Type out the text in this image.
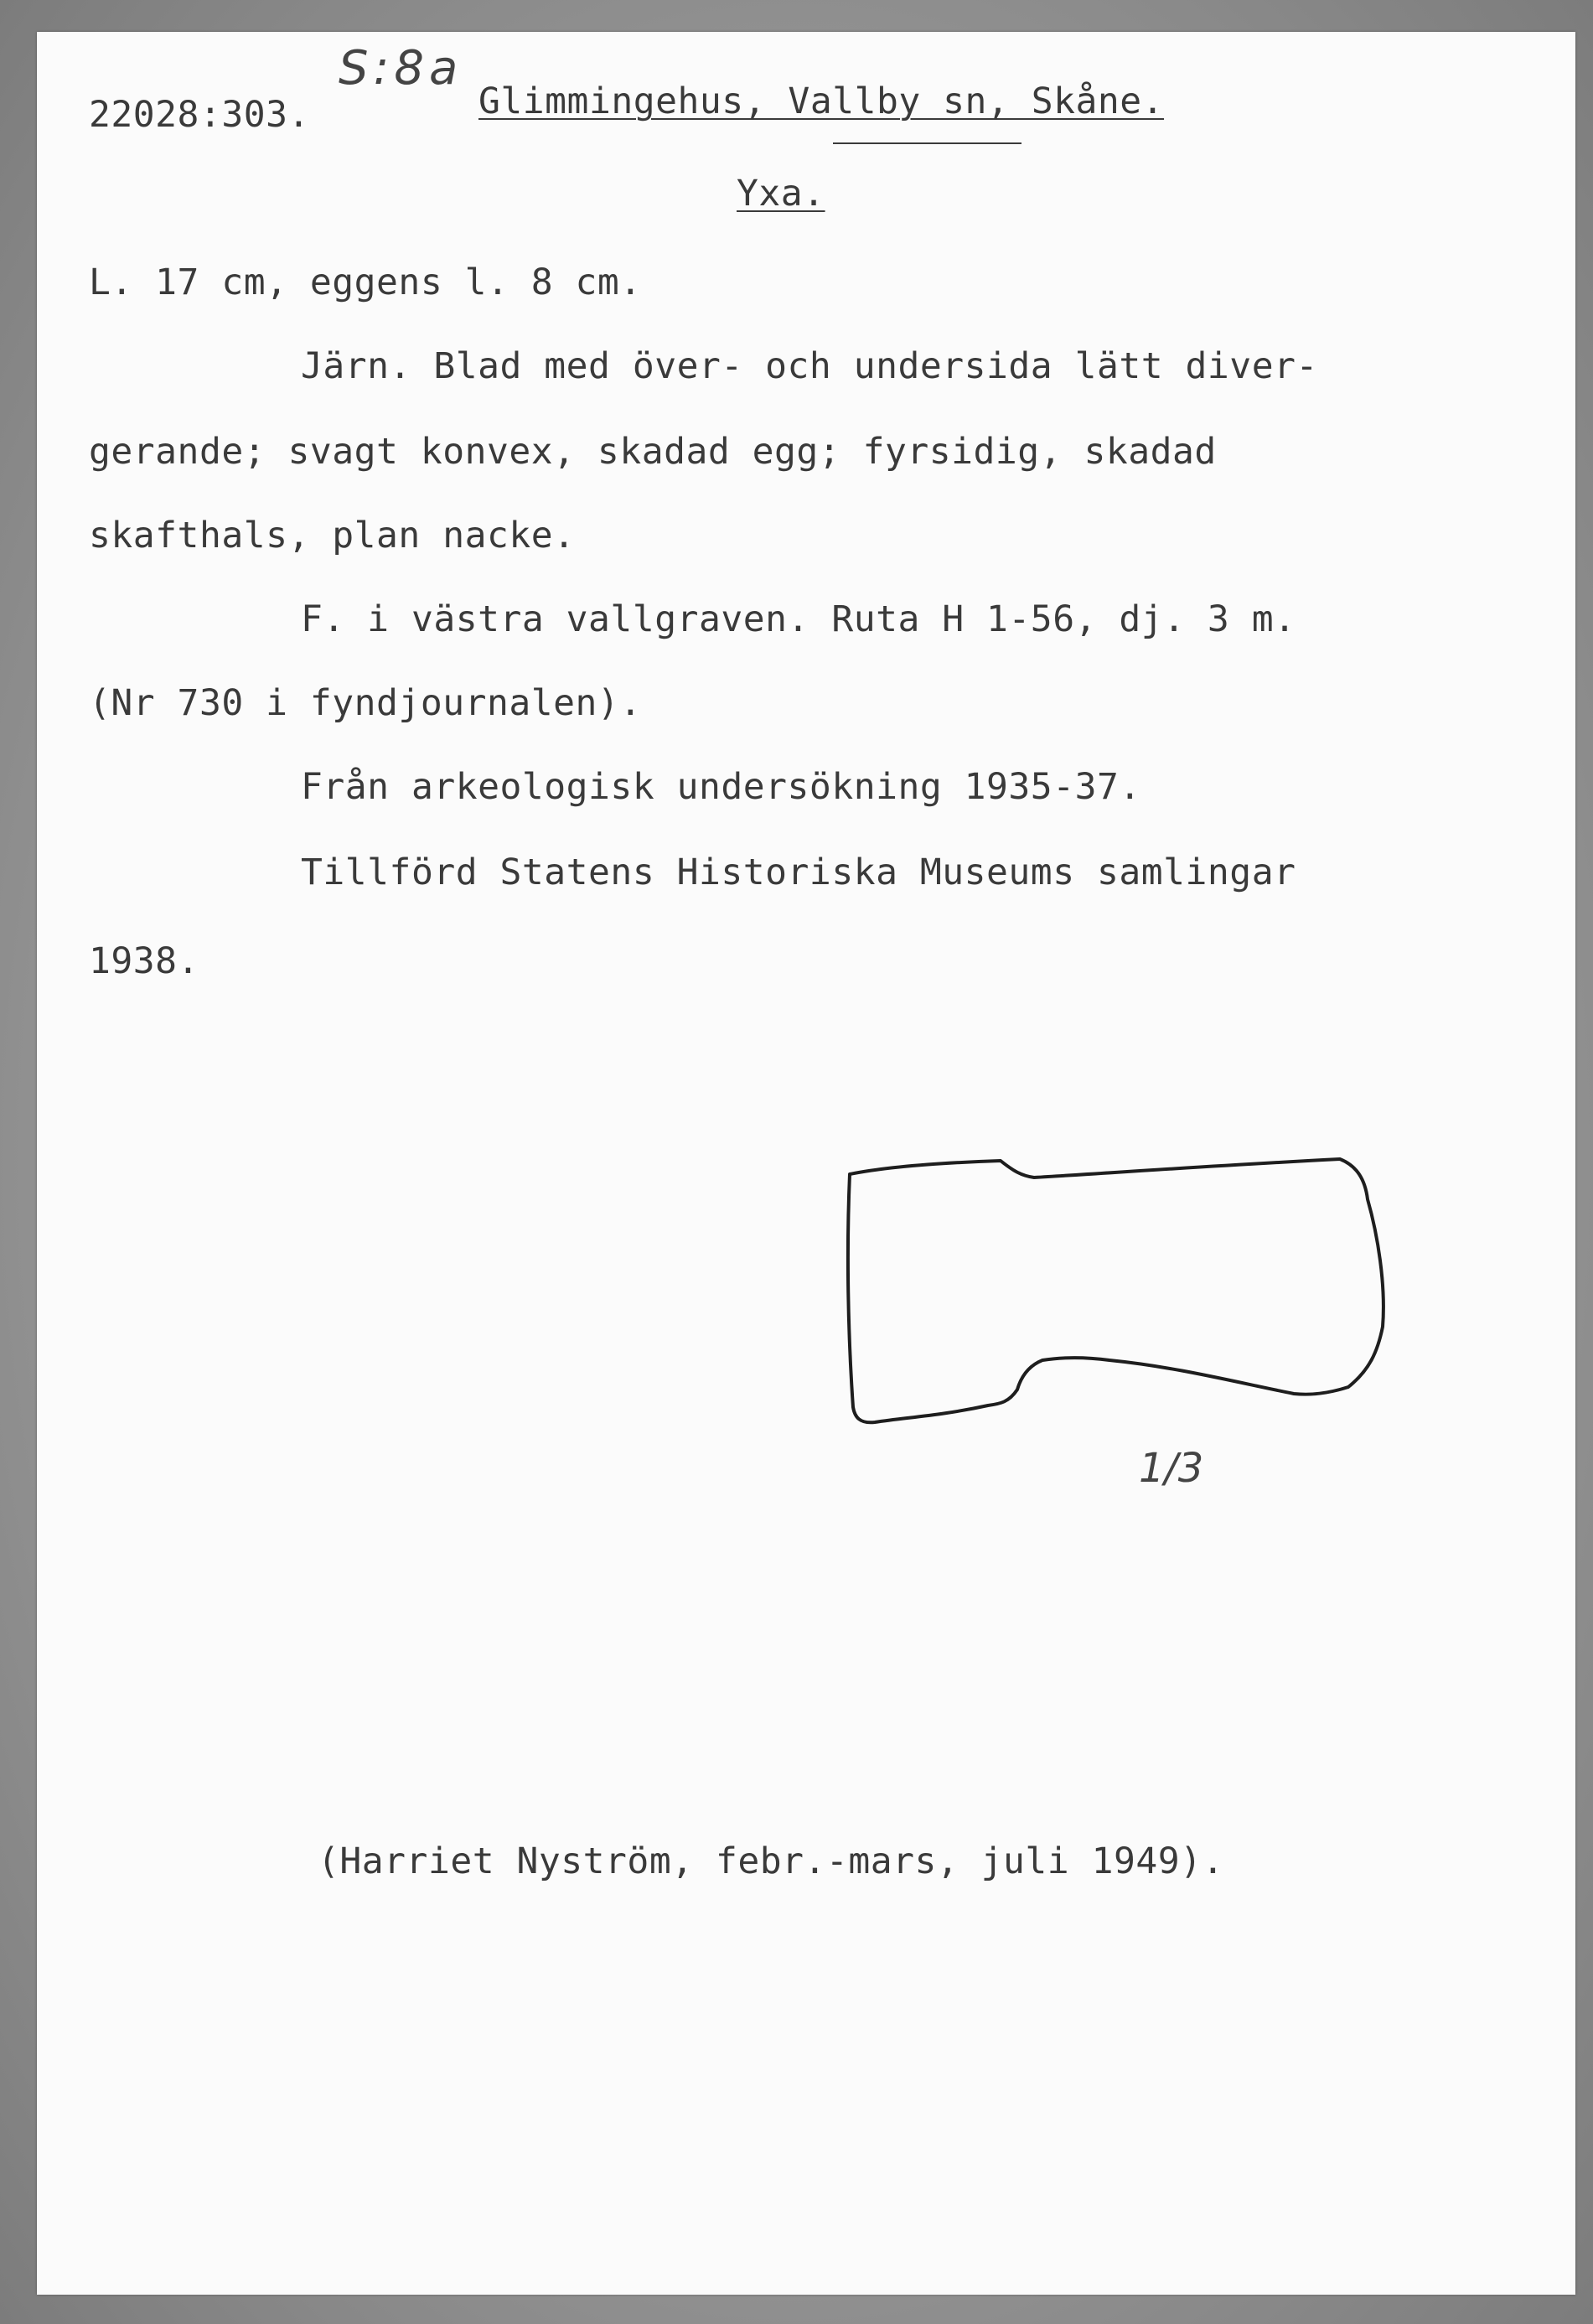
S:8a
22028:303.	Glimmingehus, Vallby sn, Skåne.
Yxa.
L. 17 cm, eggens l. 8 cm.
Järn. Blad med över- och undersida lätt diver-
gerande; svagt konvex, skadad egg; fyrsidig, skadad
skafthals, plan nacke.
F. i västra vallgraven. Ruta H 1-56, dj. 3 m.
(Nr 730 i fyndjournalen).
Från arkeologisk undersökning 1935-37.
Tillförd Statens Historiska Museums samlingar
1938.
1/3
(Harriet Nyström, febr.-mars, juli 1949).
